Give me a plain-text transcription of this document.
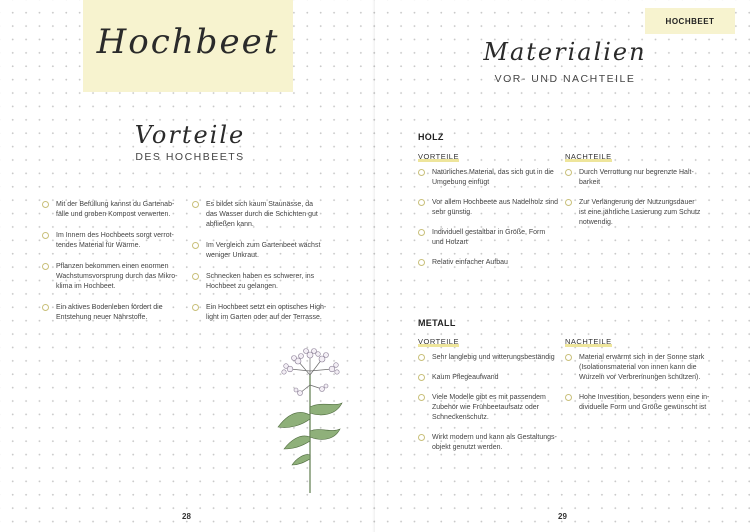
Hochbeet
Vorteile
DES HOCHBEETS
Mit der Befüllung kannst du Gartenab-
fälle und groben Kompost verwerten.
Im Innern des Hochbeets sorgt verrot-
tendes Material für Wärme.
Pflanzen bekommen einen enormen
Wachstumsvorsprung durch das Mikro-
klima im Hochbeet.
Ein aktives Bodenleben fördert die
Entstehung neuer Nährstoffe.
Es bildet sich kaum Staunässe, da
das Wasser durch die Schichten gut
abfließen kann.
Im Vergleich zum Gartenbeet wächst
weniger Unkraut.
Schnecken haben es schwerer, ins
Hochbeet zu gelangen.
Ein Hochbeet setzt ein optisches High-
light im Garten oder auf der Terrasse.
28
HOCHBEET
Materialien
VOR- UND NACHTEILE
HOLZ
VORTEILE	NACHTEILE
Natürliches Material, das sich gut in die
Umgebung einfügt
Vor allem Hochbeete aus Nadelholz sind
sehr günstig.
Individuell gestaltbar in Größe, Form
und Holzart
Relativ einfacher Aufbau
Durch Verrottung nur begrenzte Halt-
barkeit
Zur Verlängerung der Nutzungsdauer
ist eine jährliche Lasierung zum Schutz
notwendig.
METALL
VORTEILE	NACHTEILE
Sehr langlebig und witterungsbeständig
Kaum Pflegeaufwand
Viele Modelle gibt es mit passendem
Zubehör wie Frühbeetaufsatz oder
Schneckenschutz.
Wirkt modern und kann als Gestaltungs-
objekt genutzt werden.
Material erwärmt sich in der Sonne stark
(Isolationsmaterial von innen kann die
Wurzeln vor Verbrennungen schützen).
Hohe Investition, besonders wenn eine in-
dividuelle Form und Größe gewünscht ist
29
